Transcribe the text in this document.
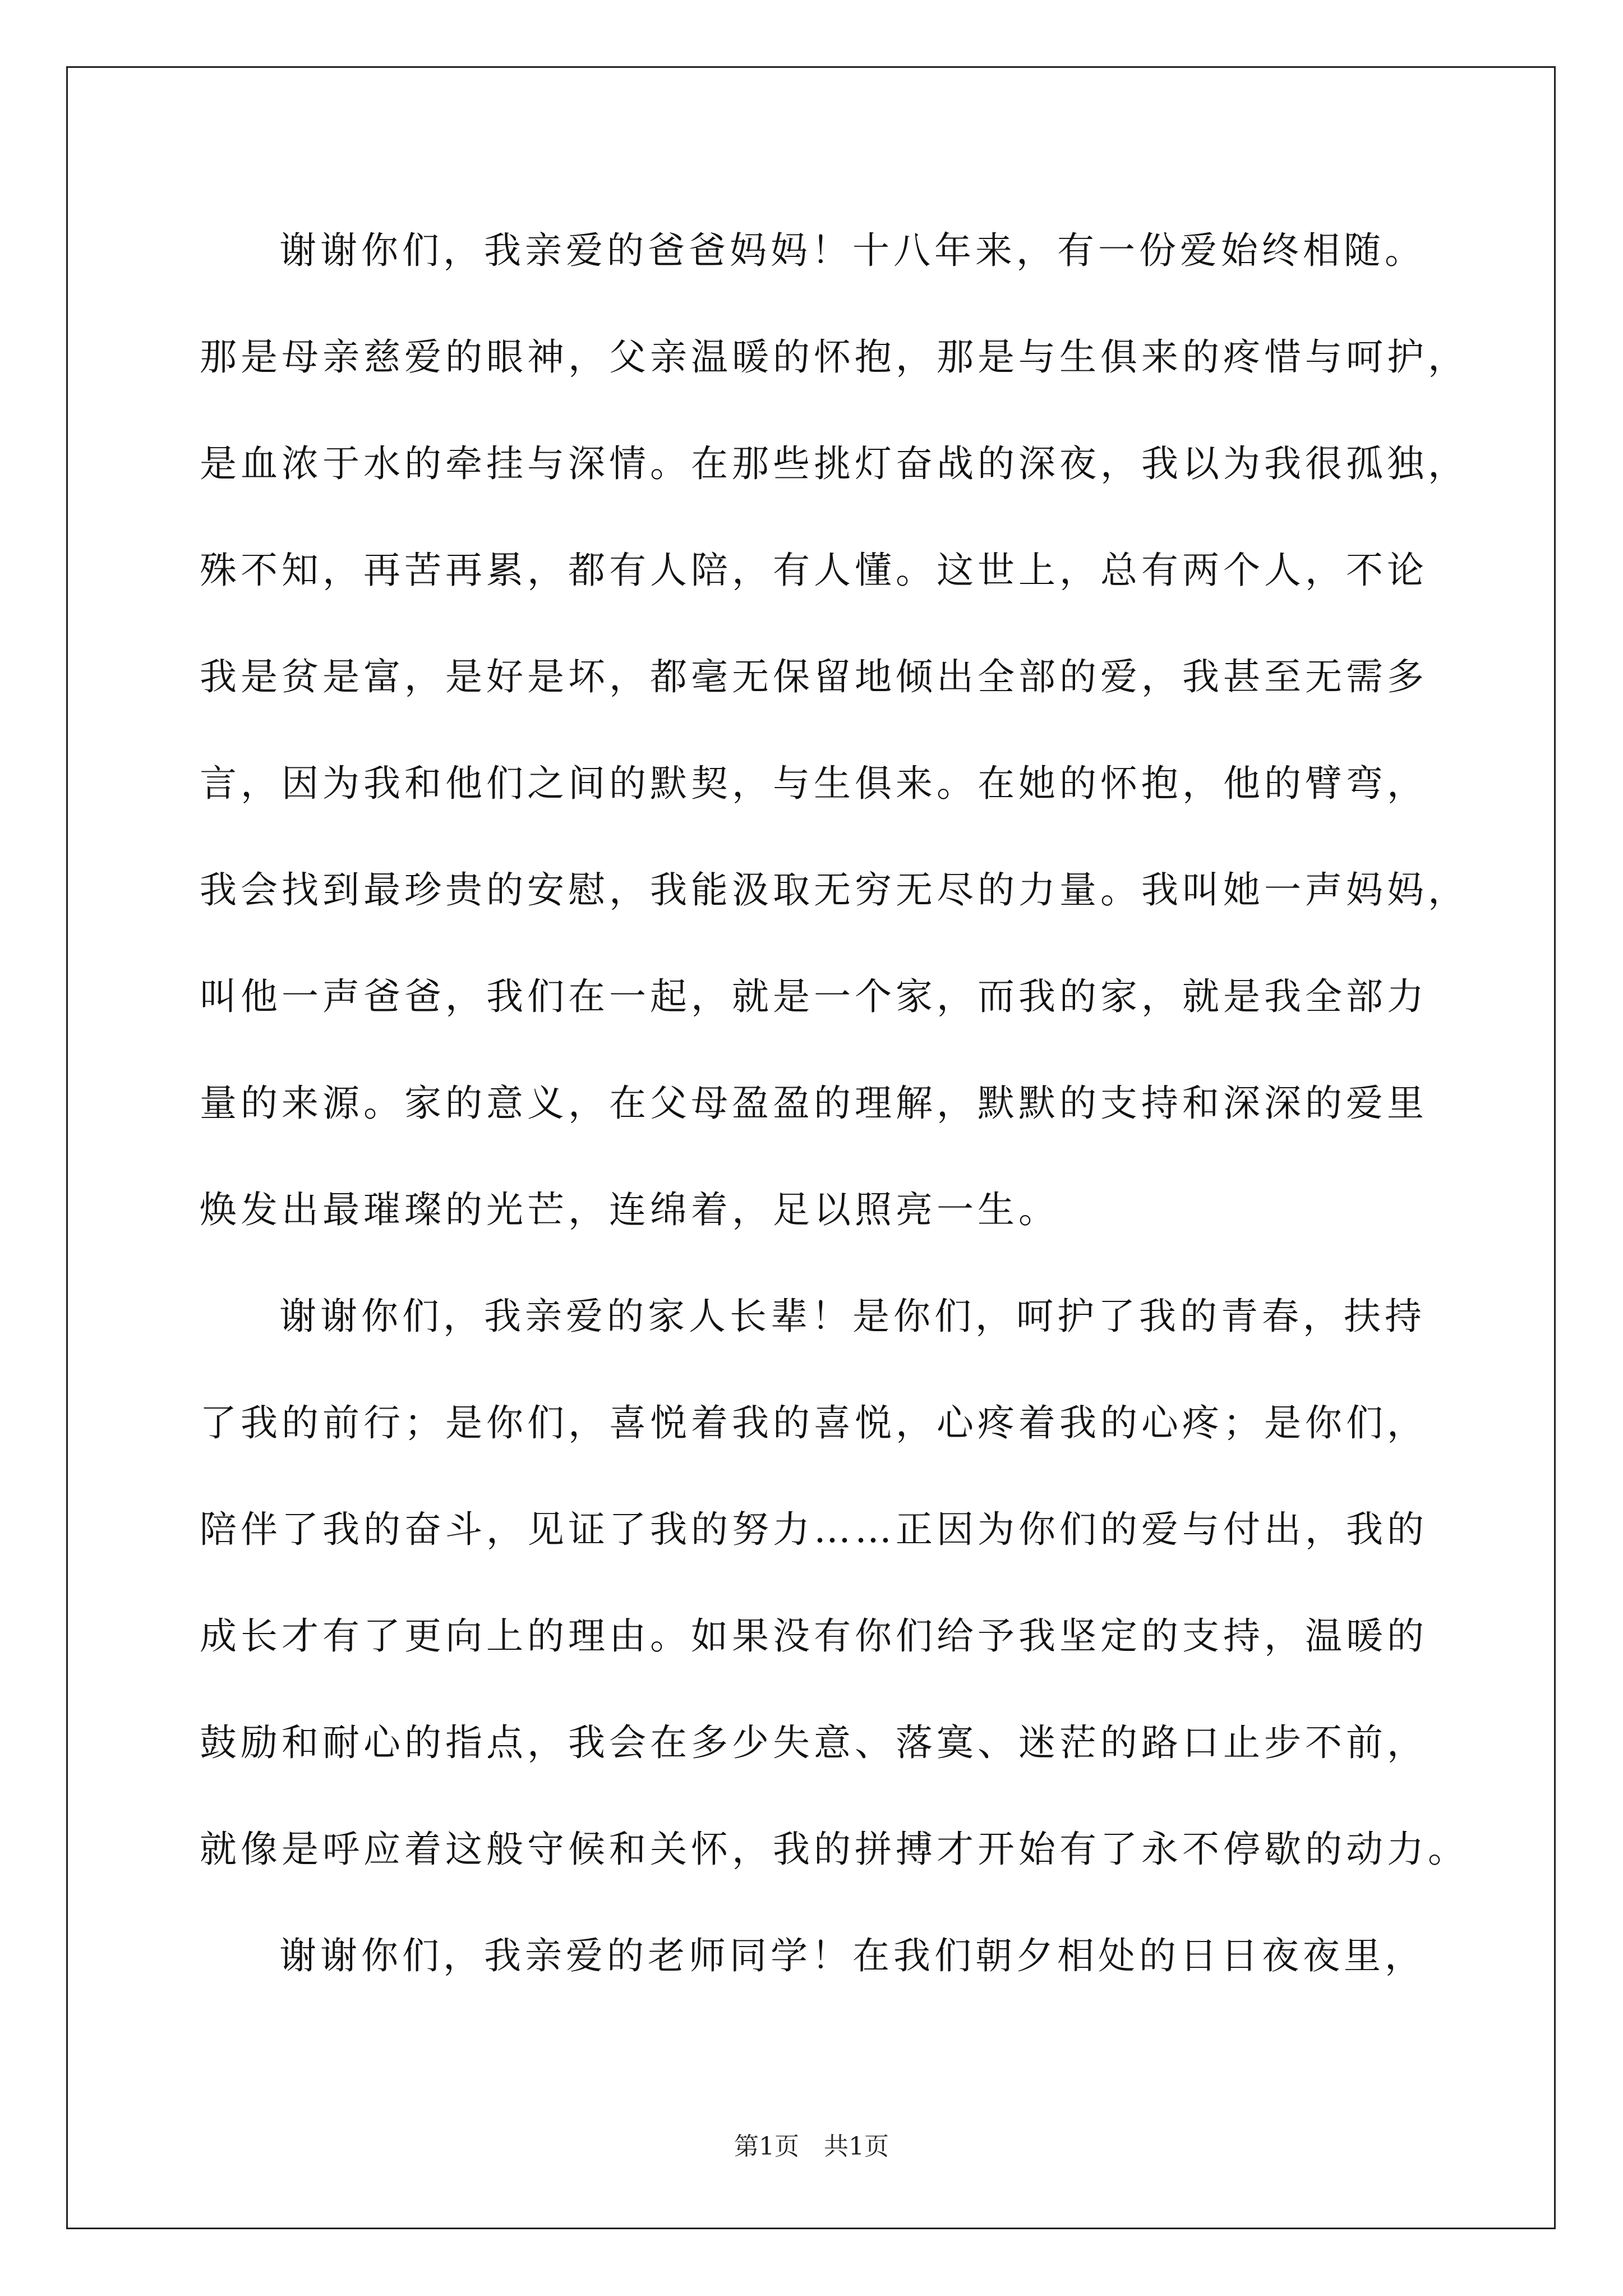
谢谢你们，我亲爱的爸爸妈妈！十八年来，有一份爱始终相随。
那是母亲慈爱的眼神，父亲温暖的怀抱，那是与生俱来的疼惜与呵护，
是血浓于水的牵挂与深情。在那些挑灯奋战的深夜，我以为我很孤独，
殊不知，再苦再累，都有人陪，有人懂。这世上，总有两个人，不论
我是贫是富，是好是坏，都毫无保留地倾出全部的爱，我甚至无需多
言，因为我和他们之间的默契，与生俱来。在她的怀抱，他的臂弯，
我会找到最珍贵的安慰，我能汲取无穷无尽的力量。我叫她一声妈妈，
叫他一声爸爸，我们在一起，就是一个家，而我的家，就是我全部力
量的来源。家的意义，在父母盈盈的理解，默默的支持和深深的爱里
焕发出最璀璨的光芒，连绵着，足以照亮一生。
谢谢你们，我亲爱的家人长辈！是你们，呵护了我的青春，扶持
了我的前行；是你们，喜悦着我的喜悦，心疼着我的心疼；是你们，
陪伴了我的奋斗，见证了我的努力……正因为你们的爱与付出，我的
成长才有了更向上的理由。如果没有你们给予我坚定的支持，温暖的
鼓励和耐心的指点，我会在多少失意、落寞、迷茫的路口止步不前，
就像是呼应着这般守候和关怀，我的拼搏才开始有了永不停歇的动力。
谢谢你们，我亲爱的老师同学！在我们朝夕相处的日日夜夜里，
第1页　共1页
